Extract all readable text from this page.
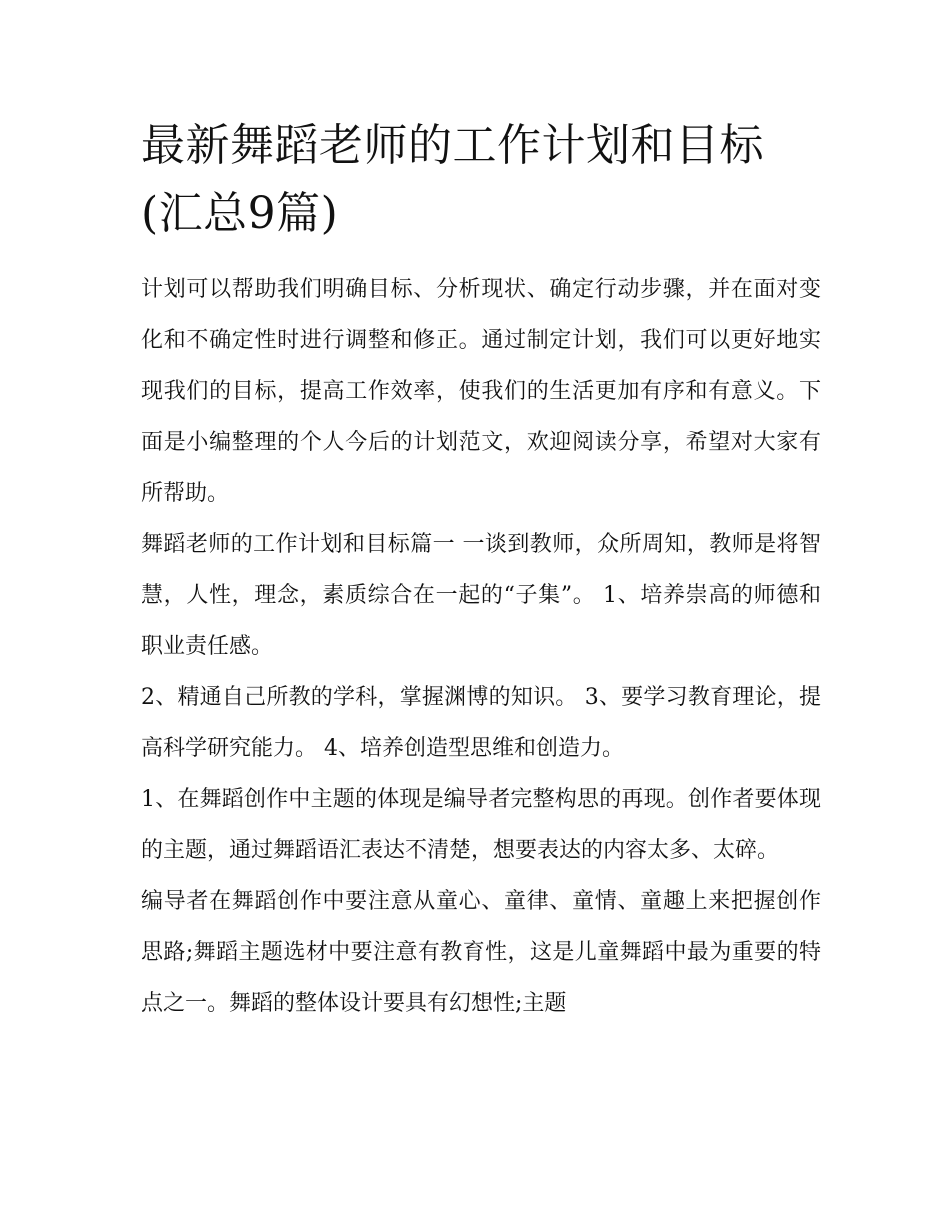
最新舞蹈老师的工作计划和目标(汇总9篇)

计划可以帮助我们明确目标、分析现状、确定行动步骤，并在面对变化和不确定性时进行调整和修正。通过制定计划，我们可以更好地实现我们的目标，提高工作效率，使我们的生活更加有序和有意义。下面是小编整理的个人今后的计划范文，欢迎阅读分享，希望对大家有所帮助。

舞蹈老师的工作计划和目标篇一 一谈到教师，众所周知，教师是将智慧，人性，理念，素质综合在一起的“子集”。 1、培养崇高的师德和职业责任感。

2、精通自己所教的学科，掌握渊博的知识。 3、要学习教育理论，提高科学研究能力。 4、培养创造型思维和创造力。

1、在舞蹈创作中主题的体现是编导者完整构思的再现。创作者要体现的主题，通过舞蹈语汇表达不清楚，想要表达的内容太多、太碎。

编导者在舞蹈创作中要注意从童心、童律、童情、童趣上来把握创作思路;舞蹈主题选材中要注意有教育性，这是儿童舞蹈中最为重要的特点之一。舞蹈的整体设计要具有幻想性;主题
